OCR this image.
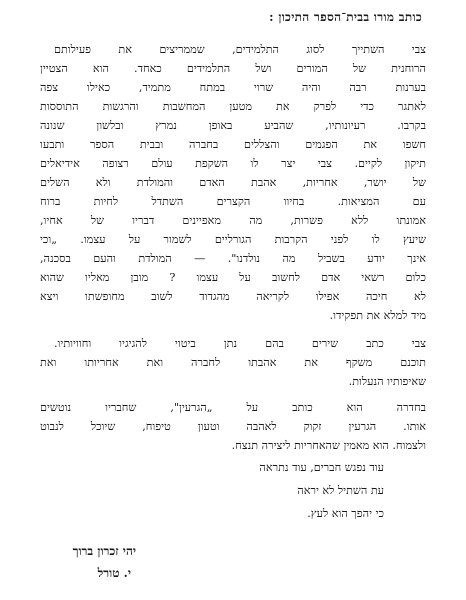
כותב מורו בבית־הספר התיכון :
צבי השתייך לסוג התלמידים, שממריצים את פעילותם
הרוחנית של המורים ושל התלמידים כאחד. הוא הצטיין
בערנות רבה והיה שרוי במתח מתמיד, כאילו צפה
לאתגר כדי לפרק את מטען המחשבות והרגשות התוססות
בקרבו. רעיונותיו, שהביע באופן נמרץ ובלשון שנונה
חשפו את הפגמים והצללים בחברה ובבית הספר ותבעו
תיקון לקיים. צבי יצר לו השקפת עולם רצופה אידיאלים
של יושר, אחריות, אהבת האדם והמולדת ולא השלים
עם המציאות. בחיוו הקצרים השתדל לחיות ברוח
אמונתו ללא פשרות, מה מאפיינים דבריו של אחיו,
שיעץ לו לפני הקרבות הגורליים לשמור על עצמו. „וכי
אינך יודע בשביל מה נולדנו". — המולדת והעם בסכנה,
כלום רשאי אדם לחשוב על עצמו ? מובן מאליו שהוא
לא חיכה אפילו לקריאה מהגדוד לשוב מחופשתו ויצא
מיד למלא את תפקידו.
צבי כתב שירים בהם נתן ביטוי להגיגיו וחוויותיו.
תוכנם משקף את אהבתו לחברה ואת אחריותו ואת
שאיפותיו הנעלות.
בחדרה הוא כותב על „הגרעין", שחבריו נוטשים
אותו. הגרעין זקוק לאהבה וטעון טיפוח, שיוכל לנבוט
ולצמוח. הוא מאמין שהאחריות ליצירה תנצח.
עוד נפגש חברים, עוד נתראה
עת השתיל לא יראה
כי יהפך הוא לעץ.
יהי זכרון ברוך
י. טורל
